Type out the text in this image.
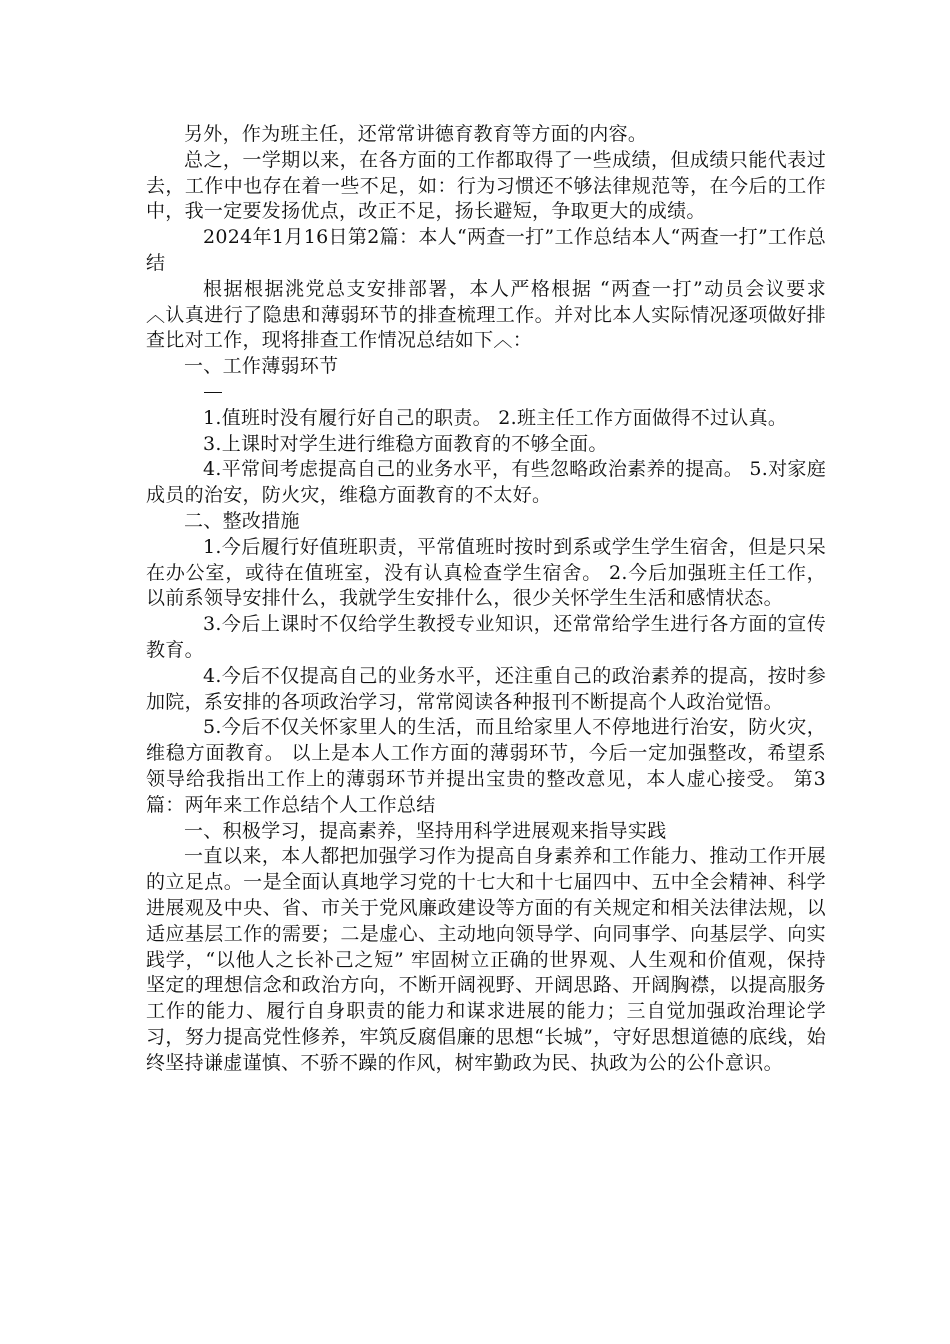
另外，作为班主任，还常常讲德育教育等方面的内容。

总之，一学期以来，在各方面的工作都取得了一些成绩，但成绩只能代表过去，工作中也存在着一些不足，如：行为习惯还不够法律规范等，在今后的工作中，我一定要发扬优点，改正不足，扬长避短，争取更大的成绩。

2024年1月16日第2篇：本人“两查一打”工作总结本人“两查一打”工作总结

根据根据洮党总支安排部署，本人严格根据 “两查一打”动员会议要求︿认真进行了隐患和薄弱环节的排查梳理工作。并对比本人实际情况逐项做好排查比对工作，现将排查工作情况总结如下︿：

一、工作薄弱环节

1.值班时没有履行好自己的职责。 2.班主任工作方面做得不过认真。

3.上课时对学生进行维稳方面教育的不够全面。

4.平常间考虑提高自己的业务水平，有些忽略政治素养的提高。 5.对家庭成员的治安，防火灾，维稳方面教育的不太好。

二、整改措施

1.今后履行好值班职责，平常值班时按时到系或学生学生宿舍，但是只呆在办公室，或待在值班室，没有认真检查学生宿舍。 2.今后加强班主任工作，以前系领导安排什么，我就学生安排什么，很少关怀学生生活和感情状态。

3.今后上课时不仅给学生教授专业知识，还常常给学生进行各方面的宣传教育。

4.今后不仅提高自己的业务水平，还注重自己的政治素养的提高，按时参加院，系安排的各项政治学习，常常阅读各种报刊不断提高个人政治觉悟。

5.今后不仅关怀家里人的生活，而且给家里人不停地进行治安，防火灾，维稳方面教育。 以上是本人工作方面的薄弱环节，今后一定加强整改，希望系领导给我指出工作上的薄弱环节并提出宝贵的整改意见，本人虚心接受。 第3篇：两年来工作总结个人工作总结

一、积极学习，提高素养，坚持用科学进展观来指导实践

一直以来，本人都把加强学习作为提高自身素养和工作能力、推动工作开展的立足点。一是全面认真地学习党的十七大和十七届四中、五中全会精神、科学进展观及中央、省、市关于党风廉政建设等方面的有关规定和相关法律法规，以适应基层工作的需要；二是虚心、主动地向领导学、向同事学、向基层学、向实践学，“以他人之长补己之短” 牢固树立正确的世界观、人生观和价值观，保持坚定的理想信念和政治方向，不断开阔视野、开阔思路、开阔胸襟，以提高服务工作的能力、履行自身职责的能力和谋求进展的能力；三自觉加强政治理论学习，努力提高党性修养，牢筑反腐倡廉的思想“长城”，守好思想道德的底线，始终坚持谦虚谨慎、不骄不躁的作风，树牢勤政为民、执政为公的公仆意识。
